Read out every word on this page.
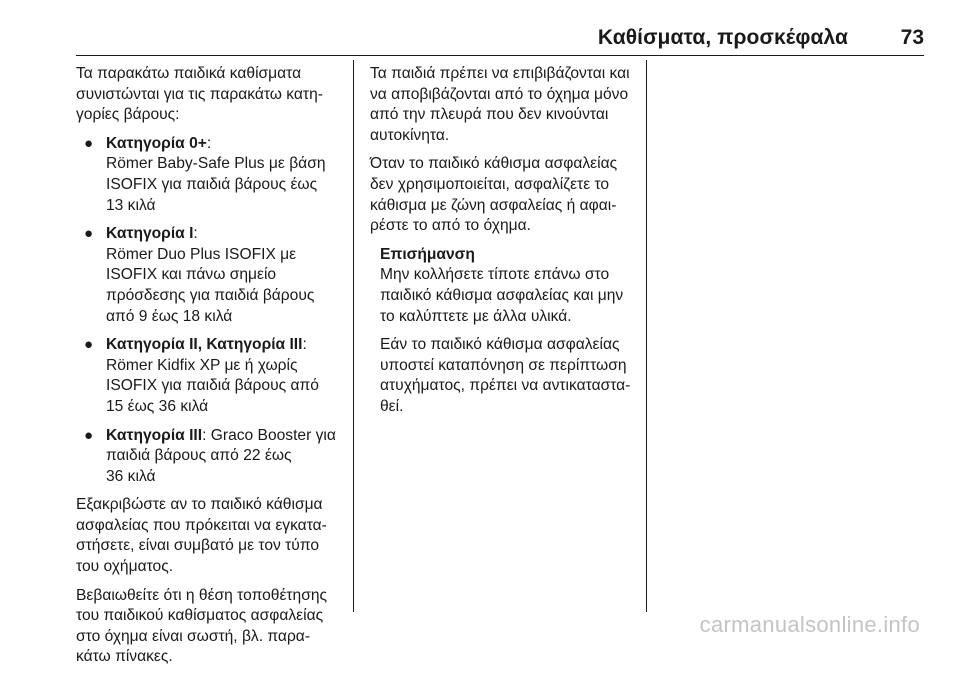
Καθίσματα, προσκέφαλα	73

Τα παρακάτω παιδικά καθίσματα
συνιστώνται για τις παρακάτω κατη-
γορίες βάρους:

● Κατηγορία 0+:
Römer Baby-Safe Plus με βάση
ISOFIX για παιδιά βάρους έως
13 κιλά
● Κατηγορία I:
Römer Duo Plus ISOFIX με
ISOFIX και πάνω σημείο
πρόσδεσης για παιδιά βάρους
από 9 έως 18 κιλά
● Κατηγορία II, Κατηγορία III:
Römer Kidfix XP με ή χωρίς
ISOFIX για παιδιά βάρους από
15 έως 36 κιλά
● Κατηγορία III: Graco Booster για
παιδιά βάρους από 22 έως
36 κιλά

Εξακριβώστε αν το παιδικό κάθισμα
ασφαλείας που πρόκειται να εγκατα-
στήσετε, είναι συμβατό με τον τύπο
του οχήματος.

Βεβαιωθείτε ότι η θέση τοποθέτησης
του παιδικού καθίσματος ασφαλείας
στο όχημα είναι σωστή, βλ. παρα-
κάτω πίνακες.

Τα παιδιά πρέπει να επιβιβάζονται και
να αποβιβάζονται από το όχημα μόνο
από την πλευρά που δεν κινούνται
αυτοκίνητα.

Όταν το παιδικό κάθισμα ασφαλείας
δεν χρησιμοποιείται, ασφαλίζετε το
κάθισμα με ζώνη ασφαλείας ή αφαι-
ρέστε το από το όχημα.

Επισήμανση

Μην κολλήσετε τίποτε επάνω στο
παιδικό κάθισμα ασφαλείας και μην
το καλύπτετε με άλλα υλικά.

Εάν το παιδικό κάθισμα ασφαλείας
υποστεί καταπόνηση σε περίπτωση
ατυχήματος, πρέπει να αντικαταστα-
θεί.

carmanualsonline.info
